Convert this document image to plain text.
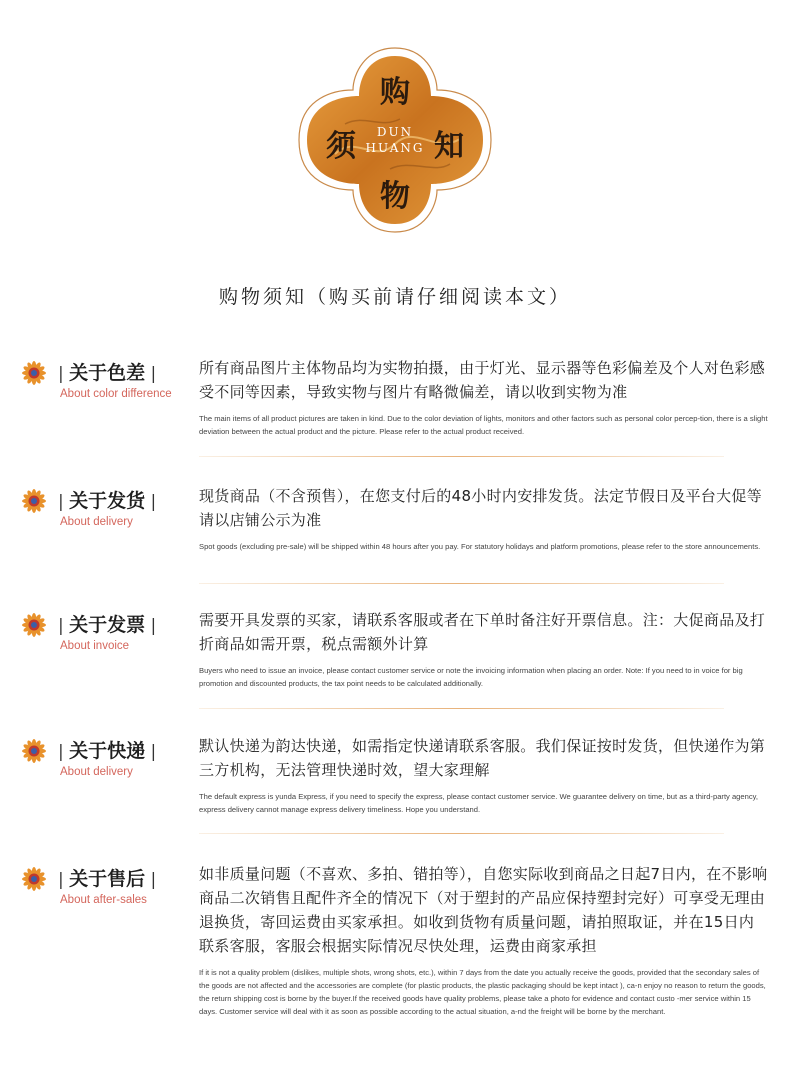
购
须	知
物
DUN
HUANG
购物须知（购买前请仔细阅读本文）
| 关于色差 |
About color difference
所有商品图片主体物品均为实物拍摄，由于灯光、显示器等色彩偏差及个人对色彩感受不同等因素，导致实物与图片有略微偏差，请以收到实物为准
The main items of all product pictures are taken in kind. Due to the color deviation of lights, monitors and other factors such as personal color percep-tion, there is a slight deviation between the actual product and the picture. Please refer to the actual product received.
| 关于发货 |
About delivery
现货商品（不含预售），在您支付后的48小时内安排发货。法定节假日及平台大促等请以店铺公示为准
Spot goods (excluding pre-sale) will be shipped within 48 hours after you pay. For statutory holidays and platform promotions, please refer to the store announcements.
| 关于发票 |
About invoice
需要开具发票的买家，请联系客服或者在下单时备注好开票信息。注：大促商品及打折商品如需开票，税点需额外计算
Buyers who need to issue an invoice, please contact customer service or note the invoicing information when placing an order. Note: If you need to in voice for big promotion and discounted products, the tax point needs to be calculated additionally.
| 关于快递 |
About delivery
默认快递为韵达快递，如需指定快递请联系客服。我们保证按时发货，但快递作为第三方机构，无法管理快递时效，望大家理解
The default express is yunda Express, if you need to specify the express, please contact customer service. We guarantee delivery on time, but as a third-party agency, express delivery cannot manage express delivery timeliness. Hope you understand.
| 关于售后 |
About after-sales
如非质量问题（不喜欢、多拍、错拍等），自您实际收到商品之日起7日内，在不影响商品二次销售且配件齐全的情况下（对于塑封的产品应保持塑封完好）可享受无理由退换货，寄回运费由买家承担。如收到货物有质量问题，请拍照取证，并在15日内联系客服，客服会根据实际情况尽快处理，运费由商家承担
If it is not a quality problem (dislikes, multiple shots, wrong shots, etc.), within 7 days from the date you actually receive the goods, provided that the secondary sales of the goods are not affected and the accessories are complete (for plastic products, the plastic packaging should be kept intact ), ca-n enjoy no reason to return the goods, the return shipping cost is borne by the buyer.If the received goods have quality problems, please take a photo for evidence and contact custo -mer service within 15 days. Customer service will deal with it as soon as possible according to the actual situation, a-nd the freight will be borne by the merchant.
